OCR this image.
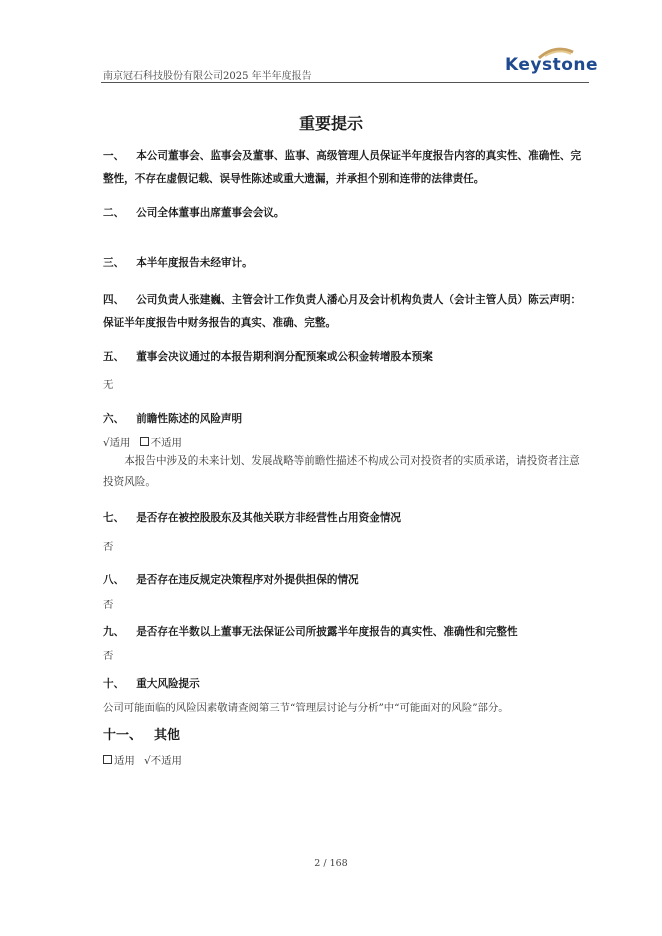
南京冠石科技股份有限公司2025 年半年度报告
Keystone
重要提示
一、 本公司董事会、监事会及董事、监事、高级管理人员保证半年度报告内容的真实性、准确性、完整性，不存在虚假记载、误导性陈述或重大遗漏，并承担个别和连带的法律责任。
二、 公司全体董事出席董事会会议。
三、 本半年度报告未经审计。
四、 公司负责人张建巍、主管会计工作负责人潘心月及会计机构负责人（会计主管人员）陈云声明：保证半年度报告中财务报告的真实、准确、完整。
五、 董事会决议通过的本报告期利润分配预案或公积金转增股本预案
无
六、 前瞻性陈述的风险声明
√适用 不适用
本报告中涉及的未来计划、发展战略等前瞻性描述不构成公司对投资者的实质承诺，请投资者注意投资风险。
七、 是否存在被控股股东及其他关联方非经营性占用资金情况
否
八、 是否存在违反规定决策程序对外提供担保的情况
否
九、 是否存在半数以上董事无法保证公司所披露半年度报告的真实性、准确性和完整性
否
十、 重大风险提示
公司可能面临的风险因素敬请查阅第三节“管理层讨论与分析”中“可能面对的风险”部分。
十一、 其他
适用 √不适用
2 / 168
